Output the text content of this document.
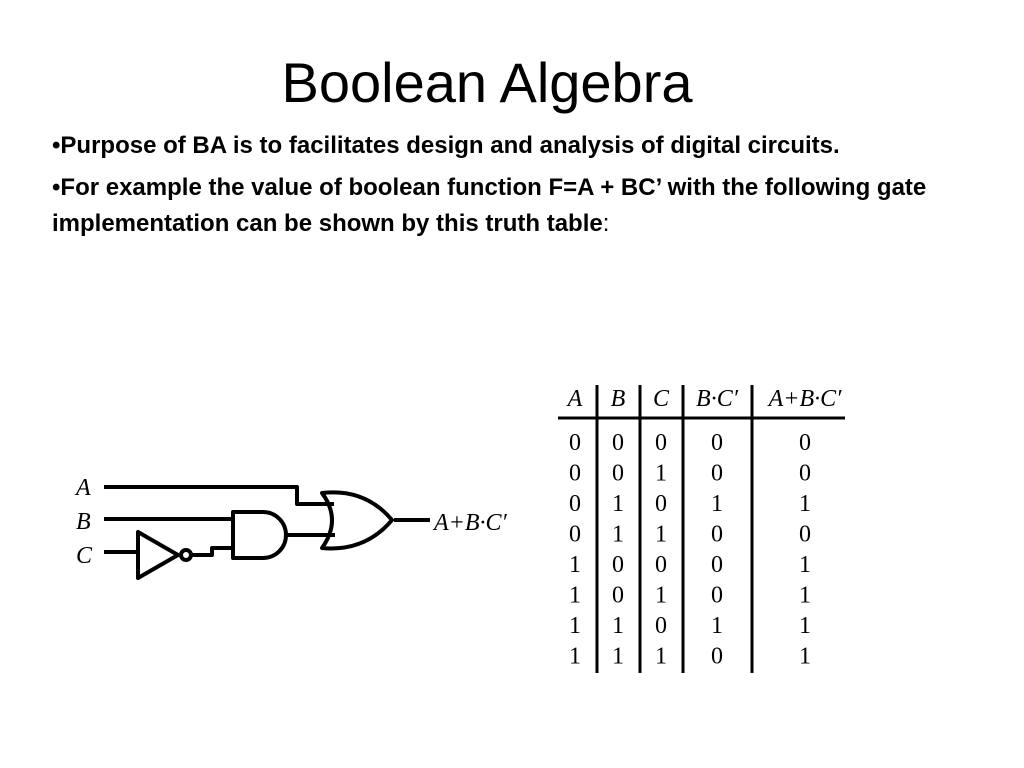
Boolean Algebra

•Purpose of BA is to facilitates design and analysis of digital circuits.

•For example the value of boolean function F=A + BC’ with the following gate implementation can be shown by this truth table:

A
B
C
A+B·C′
A B C B·C′ A+B·C′
0 0 0 0	0
0 0 1 0	0
0 1 0 1	1
0 1 1 0	0
1 0 0 0	1
1 0 1 0	1
1 1 0 1	1
1 1 1 0	1
